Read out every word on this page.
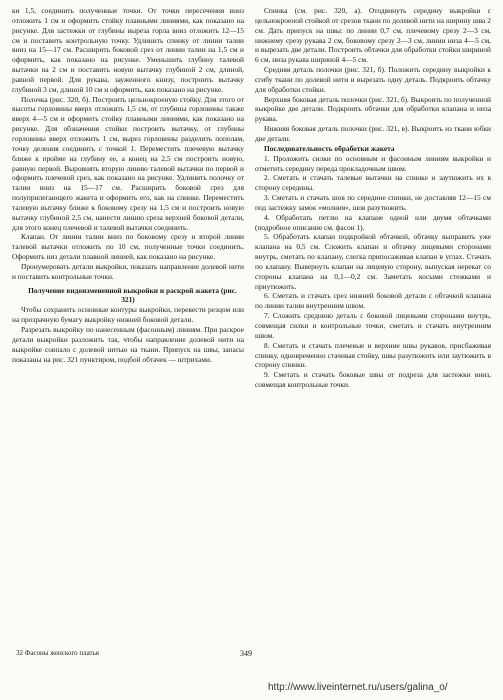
ки 1,5, соединить полученные точки. От точки пересечения вниз отложить 1 см и оформить стойку плавными линиями, как показано на рисунке. Для застежки от глубины выреза горла вниз отложить 12—15 см и поставить контрольную точку. Удлинить спинку от линии талии вниз на 15—17 см. Расширить боковой срез от линии талии на 1,5 см и оформить, как показано на рисунке. Уменьшить глубину талевой вытачки на 2 см и поставить новую вытачку глубиной 2 см, длиной, равной первой. Для рукава, зауженного книзу, построить вытачку глубиной 3 см, длиной 10 см и оформить, как показано на рисунке.

Полочка (рис. 320, б). Построить цельнокроеную стойку. Для этого от высоты горловины вверх отложить 1,5 см, от глубины горловины также вверх 4—5 см и оформить стойку плавными линиями, как показано на рисунке. Для обзначения стойки построить вытачку, от глубины горловины вверх отложить 1 см, вырез горловины разделить пополам, точку деления соединить с точкой 1. Переместить плечевую вытачку ближе к пройме на глубину ее, а конец на 2,5 см построить новую, равную первой. Выровнять вторую линию талевой вытачки по первой и оформить плечевой срез, как показано на рисунке. Удлинить полочку от талии вниз на 15—17 см. Расширить боковой срез для полуприлегающего жакета и оформить его, как на спинке. Переместить талевую вытачку ближе к боковому срезу на 1,5 см и построить новую вытачку глубиной 2,5 см, нанести линию среза верхней боковой детали, для этого конец плечевой и талевой вытачки соединить.

Клапан. От линии талии вниз по боковому срезу и второй линии талевой вытачки отложить по 10 см, полученные точки соединить. Оформить низ детали плавной линией, как показано на рисунке.

Пронумеровать детали выкройки, показать направление долевой нити и поставить контрольные точки.

Получение видоизмененной выкройки и раскрой жакета (рис. 321)

Чтобы сохранить основные контуры выкройки, перевести резцом или на прозрачную бумагу выкройку нижней боковой детали.

Разрезать выкройку по нанесенным (фасонным) линиям. При раскрое детали выкройки разложить так, чтобы направление долевой нити на выкройке совпало с долевой нитью на ткани. Припуск на швы, запасы показаны на рис. 321 пунктиром, подбой обтачек — штрихами.

Спинка (см. рис. 320, а). Отодвинуть середину выкройки с цельнокроеной стойкой от срезов ткани по долевой нити на ширину шва 2 см. Дать припуск на швы: по линии 0,7 см, плечевому срезу 2—3 см, нижнему срезу рукава 2 см, боковому срезу 2—3 см, линии низа 4—5 см, и вырезать две детали. Построить обтачки для обработки стойки шириной 6 см, низа рукава шириной 4—5 см.

Средняя деталь полочки (рис. 321, б). Положить середину выкройки к сгибу ткани по долевой нити и вырезать одну деталь. Подкроить обтачку для обработки стойки.

Верхняя боковая деталь полочки (рис. 321, б). Выкроить по полученной выкройке две детали. Подкроить обтачки для обработки клапана и низа рукава.

Нижняя боковая деталь полочки (рис. 321, в). Выкроить из ткани юбки две детали.

Последовательность обработки жакета

1. Проложить силки по основным и фасонным линиям выкройки и отметить середину переда прокладочным швом.

2. Сметать и стачать талевые вытачки на спинке и заутюжить их в сторону середины.

3. Сметать и стачать шов по середине спинки, не доставляя 12—15 см под застежку замок «молния», шов разутюжить.

4. Обработать петлю на клапане одной или двумя обтачками (подробное описание см. фасон 1).

5. Обработать клапан подкройкой обтачкой, обтачку выправить уже клапана на 0,5 см. Сложить клапан и обтачку лицевыми сторонами внутрь, сметать по клапану, слегка припосаживая клапан в углах. Стачать по клапану. Вывернуть клапан на лицевую сторону, выпуская нерекат со стороны клапана на 0,1—0,2 см. Заметать косыми стежками и приутюжить.

6. Сметать и стачать срез нижней боковой детали с обтачкой клапана по линии талии внутренним швом.

7. Сложить среднюю деталь с боковой лицевыми сторонами внутрь, совмещая силки и контрольные точки, сметать и стачать внутренним швом.

8. Сметать и стачать плечевые и верхние швы рукавов, присбаживая спинку, одновременно стачивая стойку, швы разутюжить или заутюжить в сторону спинки.

9. Сметать и стачать боковые швы от подреза для застежки вниз, совмещая контрольные точки.

32 Фасоны женского платья	349
http://www.liveinternet.ru/users/galina_o/
